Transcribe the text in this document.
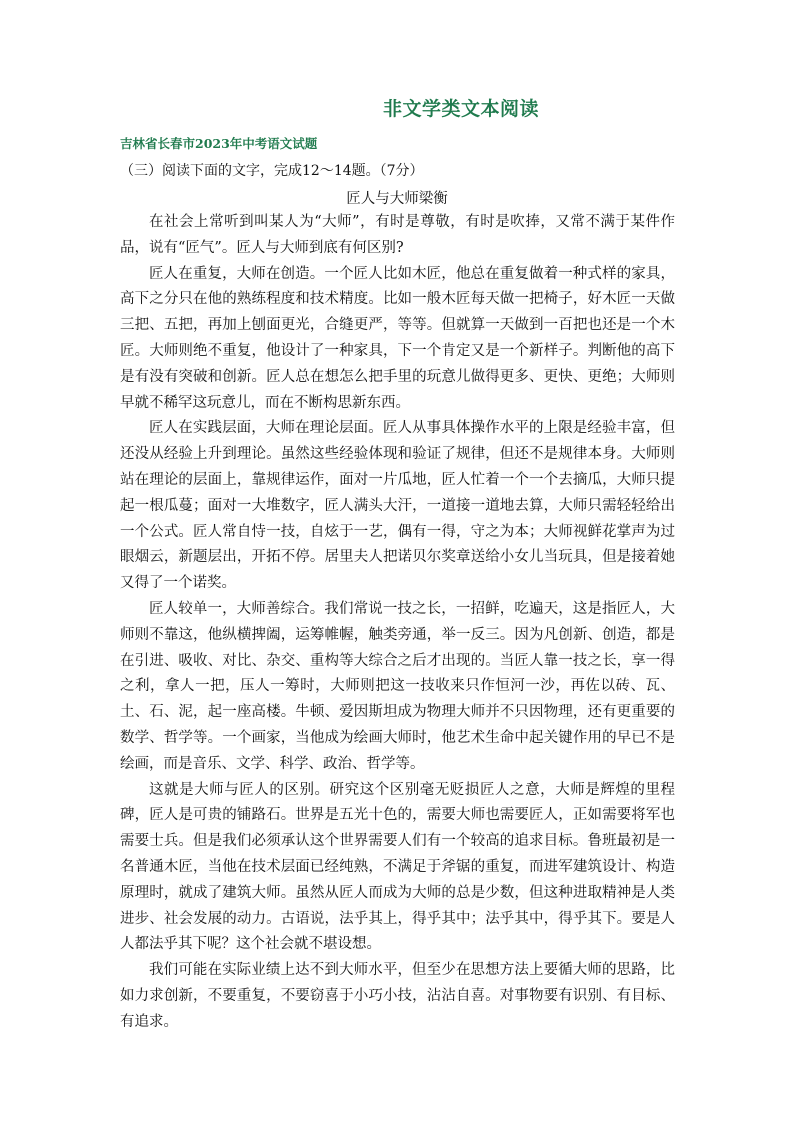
非文学类文本阅读
吉林省长春市2023年中考语文试题
（三）阅读下面的文字，完成12～14题。（7分）
匠人与大师梁衡

在社会上常听到叫某人为“大师”，有时是尊敬，有时是吹捧，又常不满于某件作品，说有“匠气”。匠人与大师到底有何区别?

匠人在重复，大师在创造。一个匠人比如木匠，他总在重复做着一种式样的家具，高下之分只在他的熟练程度和技术精度。比如一般木匠每天做一把椅子，好木匠一天做三把、五把，再加上刨面更光，合缝更严，等等。但就算一天做到一百把也还是一个木匠。大师则绝不重复，他设计了一种家具，下一个肯定又是一个新样子。判断他的高下是有没有突破和创新。匠人总在想怎么把手里的玩意儿做得更多、更快、更绝；大师则早就不稀罕这玩意儿，而在不断构思新东西。

匠人在实践层面，大师在理论层面。匠人从事具体操作水平的上限是经验丰富，但还没从经验上升到理论。虽然这些经验体现和验证了规律，但还不是规律本身。大师则站在理论的层面上，靠规律运作，面对一片瓜地，匠人忙着一个一个去摘瓜，大师只提起一根瓜蔓；面对一大堆数字，匠人满头大汗，一道接一道地去算，大师只需轻轻给出一个公式。匠人常自恃一技，自炫于一艺，偶有一得，守之为本；大师视鲜花掌声为过眼烟云，新题层出，开拓不停。居里夫人把诺贝尔奖章送给小女儿当玩具，但是接着她又得了一个诺奖。

匠人较单一，大师善综合。我们常说一技之长，一招鲜，吃遍天，这是指匠人，大师则不靠这，他纵横捭阖，运筹帷幄，触类旁通，举一反三。因为凡创新、创造，都是在引进、吸收、对比、杂交、重构等大综合之后才出现的。当匠人靠一技之长，享一得之利，拿人一把，压人一筹时，大师则把这一技收来只作恒河一沙，再佐以砖、瓦、土、石、泥，起一座高楼。牛顿、爱因斯坦成为物理大师并不只因物理，还有更重要的数学、哲学等。一个画家，当他成为绘画大师时，他艺术生命中起关键作用的早已不是绘画，而是音乐、文学、科学、政治、哲学等。

这就是大师与匠人的区别。研究这个区别毫无贬损匠人之意，大师是辉煌的里程碑，匠人是可贵的铺路石。世界是五光十色的，需要大师也需要匠人，正如需要将军也需要士兵。但是我们必须承认这个世界需要人们有一个较高的追求目标。鲁班最初是一名普通木匠，当他在技术层面已经纯熟，不满足于斧锯的重复，而进军建筑设计、构造原理时，就成了建筑大师。虽然从匠人而成为大师的总是少数，但这种进取精神是人类进步、社会发展的动力。古语说，法乎其上，得乎其中；法乎其中，得乎其下。要是人人都法乎其下呢？这个社会就不堪设想。

我们可能在实际业绩上达不到大师水平，但至少在思想方法上要循大师的思路，比如力求创新，不要重复，不要窃喜于小巧小技，沾沾自喜。对事物要有识别、有目标、有追求。
